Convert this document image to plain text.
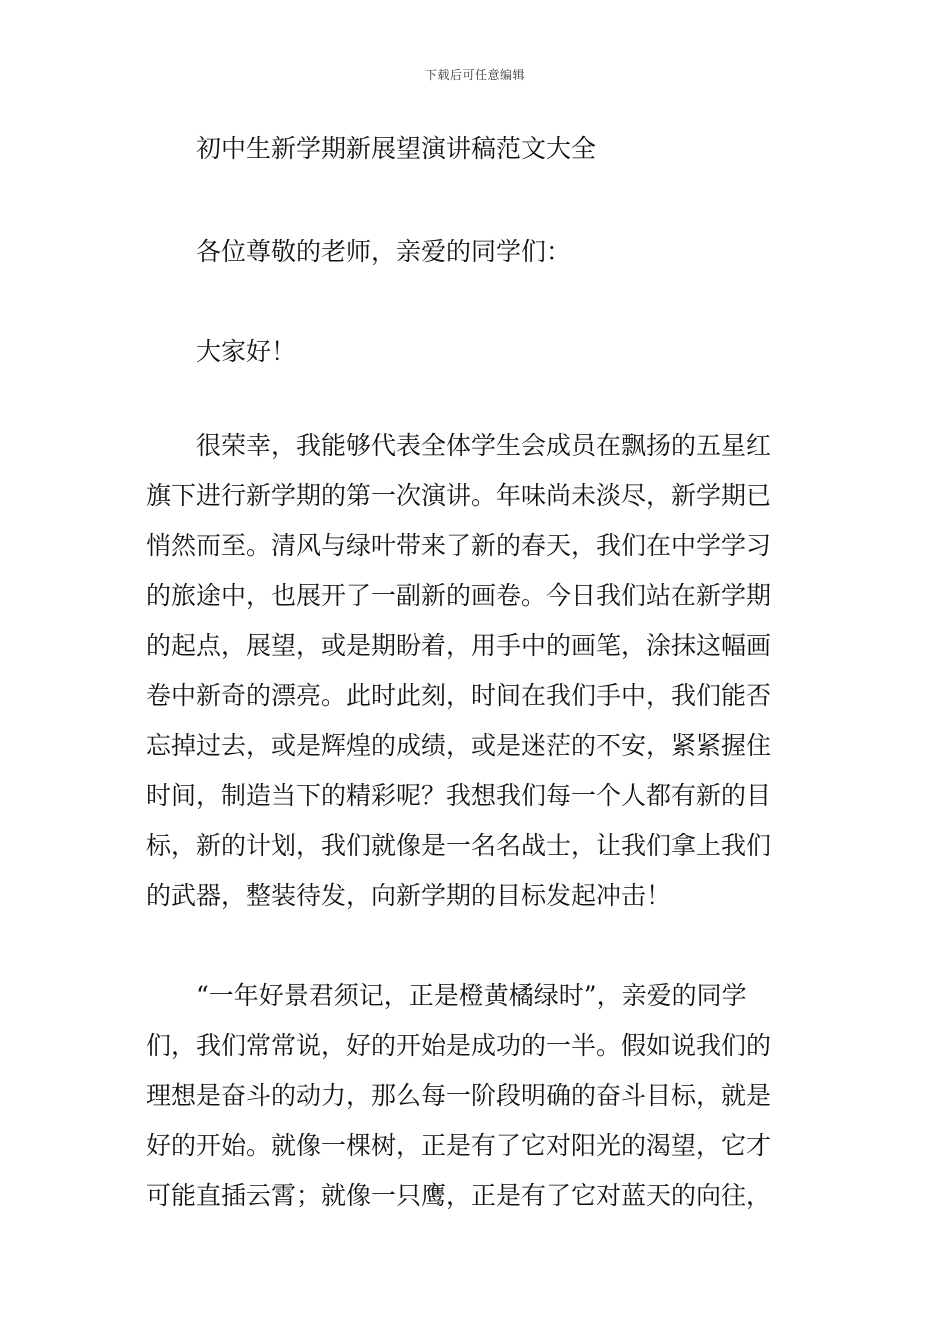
下载后可任意编辑
初中生新学期新展望演讲稿范文大全
各位尊敬的老师，亲爱的同学们：
大家好！
很荣幸，我能够代表全体学生会成员在飘扬的五星红
旗下进行新学期的第一次演讲。年味尚未淡尽，新学期已
悄然而至。清风与绿叶带来了新的春天，我们在中学学习
的旅途中，也展开了一副新的画卷。今日我们站在新学期
的起点，展望，或是期盼着，用手中的画笔，涂抹这幅画
卷中新奇的漂亮。此时此刻，时间在我们手中，我们能否
忘掉过去，或是辉煌的成绩，或是迷茫的不安，紧紧握住
时间，制造当下的精彩呢？我想我们每一个人都有新的目
标，新的计划，我们就像是一名名战士，让我们拿上我们
的武器，整装待发，向新学期的目标发起冲击！
“一年好景君须记，正是橙黄橘绿时”，亲爱的同学
们，我们常常说，好的开始是成功的一半。假如说我们的
理想是奋斗的动力，那么每一阶段明确的奋斗目标，就是
好的开始。就像一棵树，正是有了它对阳光的渴望，它才
可能直插云霄；就像一只鹰，正是有了它对蓝天的向往，
